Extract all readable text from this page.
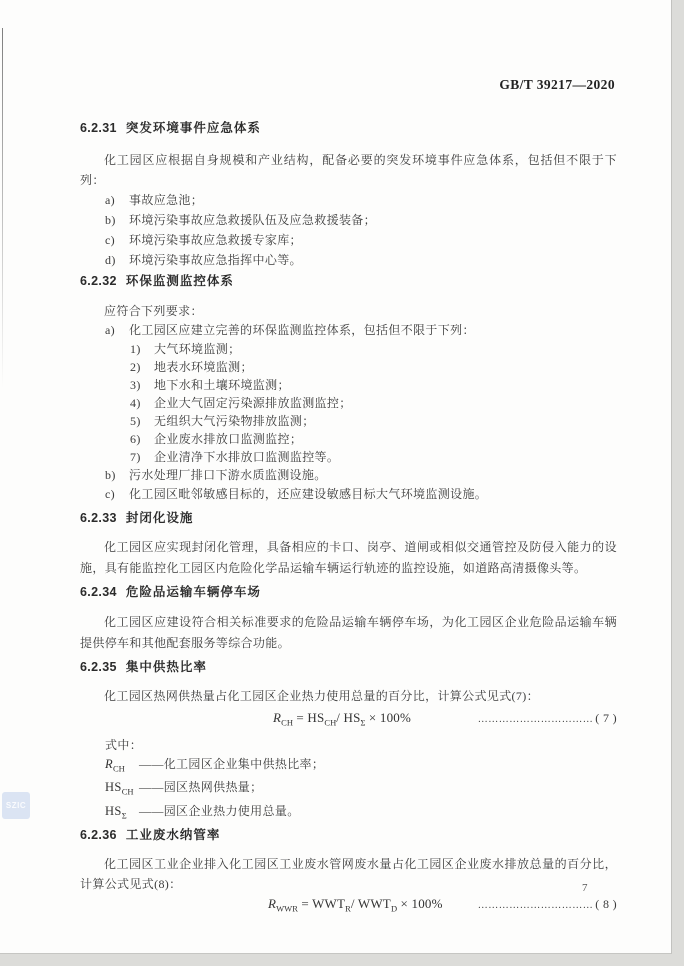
GB/T 39217—2020
6.2.31 突发环境事件应急体系

化工园区应根据自身规模和产业结构，配备必要的突发环境事件应急体系，包括但不限于下列：

a)	事故应急池；
b)	环境污染事故应急救援队伍及应急救援装备；
c)	环境污染事故应急救援专家库；
d)	环境污染事故应急指挥中心等。
6.2.32 环保监测监控体系

应符合下列要求：

a)	化工园区应建立完善的环保监测监控体系，包括但不限于下列：
1)	大气环境监测；
2)	地表水环境监测；
3)	地下水和土壤环境监测；
4)	企业大气固定污染源排放监测监控；
5)	无组织大气污染物排放监测；
6)	企业废水排放口监测监控；
7)	企业清净下水排放口监测监控等。
b)	污水处理厂排口下游水质监测设施。
c)	化工园区毗邻敏感目标的，还应建设敏感目标大气环境监测设施。
6.2.33 封闭化设施

化工园区应实现封闭化管理，具备相应的卡口、岗亭、道闸或相似交通管控及防侵入能力的设施，具有能监控化工园区内危险化学品运输车辆运行轨迹的监控设施，如道路高清摄像头等。

6.2.34 危险品运输车辆停车场

化工园区应建设符合相关标准要求的危险品运输车辆停车场，为化工园区企业危险品运输车辆提供停车和其他配套服务等综合功能。

6.2.35 集中供热比率

化工园区热网供热量占化工园区企业热力使用总量的百分比，计算公式见式(7)：

$R_{CH} = HS_{CH}/$ $HS_\Sigma \times 100\%$	…………………………… ( 7 )

式中：

$R_{CH}$	——化工园区企业集中供热比率；
$HS_{CH}$ ——园区热网供热量；
$HS_\Sigma$	——园区企业热力使用总量。
6.2.36 工业废水纳管率

化工园区工业企业排入化工园区工业废水管网废水量占化工园区企业废水排放总量的百分比，计算公式见式(8)：

$R_{WWR} = WWT_R/$ $WWT_D \times 100\%$	…………………………… ( 8 )
SZIC
7
